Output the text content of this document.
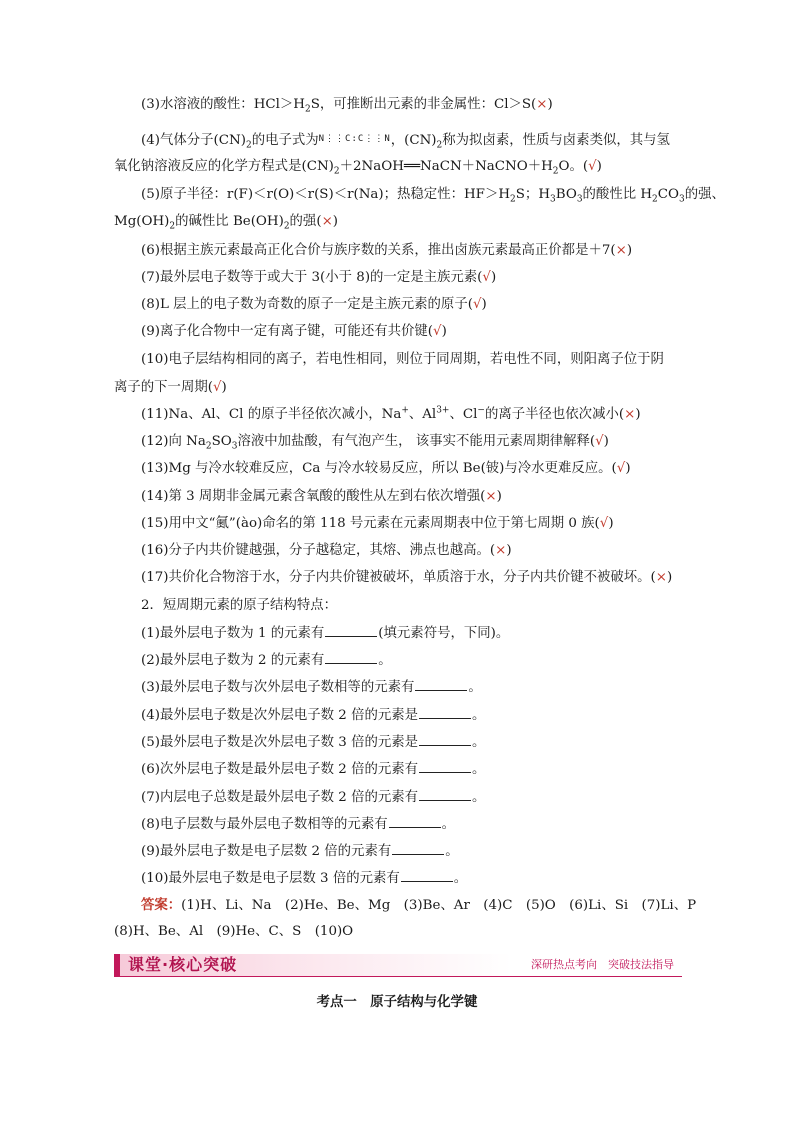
(3)水溶液的酸性：$HCl>H_2S$，可推断出元素的非金属性：Cl＞S(×)
(4)气体分子$(CN)_2$的电子式为N⋮⋮C:C⋮⋮N，$(CN)_2$称为拟卤素，性质与卤素类似，其与氢
氧化钠溶液反应的化学方程式是$(CN)_2+2NaOH══NaCN+NaCNO+H_2O$。(√)
(5)原子半径：r(F)＜r(O)＜r(S)＜r(Na)；热稳定性：$HF>H_2S$；$H_3BO_3$的酸性比 $H_2CO_3$的强、
$Mg(OH)_2$的碱性比 $Be(OH)_2$的强(×)
(6)根据主族元素最高正化合价与族序数的关系，推出卤族元素最高正价都是＋7(×)
(7)最外层电子数等于或大于 3(小于 8)的一定是主族元素(√)
(8)L 层上的电子数为奇数的原子一定是主族元素的原子(√)
(9)离子化合物中一定有离子键，可能还有共价键(√)
(10)电子层结构相同的离子，若电性相同，则位于同周期，若电性不同，则阳离子位于阴
离子的下一周期(√)
(11)Na、Al、Cl 的原子半径依次减小，Na+、$Al^{3+}$、Cl−的离子半径也依次减小(×)
(12)向 $Na_2SO_3$溶液中加盐酸，有气泡产生， 该事实不能用元素周期律解释(√)
(13)Mg 与冷水较难反应，Ca 与冷水较易反应，所以 Be(铍)与冷水更难反应。(√)
(14)第 3 周期非金属元素含氧酸的酸性从左到右依次增强(×)
(15)用中文“鿫”(ào)命名的第 118 号元素在元素周期表中位于第七周期 0 族(√)
(16)分子内共价键越强，分子越稳定，其熔、沸点也越高。(×)
(17)共价化合物溶于水，分子内共价键被破坏，单质溶于水，分子内共价键不被破坏。(×)
2．短周期元素的原子结构特点：
(1)最外层电子数为 1 的元素有	(填元素符号，下同)。
(2)最外层电子数为 2 的元素有	。
(3)最外层电子数与次外层电子数相等的元素有	。
(4)最外层电子数是次外层电子数 2 倍的元素是	。
(5)最外层电子数是次外层电子数 3 倍的元素是	。
(6)次外层电子数是最外层电子数 2 倍的元素有	。
(7)内层电子总数是最外层电子数 2 倍的元素有	。
(8)电子层数与最外层电子数相等的元素有	。
(9)最外层电子数是电子层数 2 倍的元素有	。
(10)最外层电子数是电子层数 3 倍的元素有	。
答案：(1)H、Li、Na　(2)He、Be、Mg　(3)Be、Ar　(4)C　(5)O　(6)Li、Si　(7)Li、P
(8)H、Be、Al　(9)He、C、S　(10)O
课堂·核心突破	深研热点考向　突破技法指导
考点一　原子结构与化学键
